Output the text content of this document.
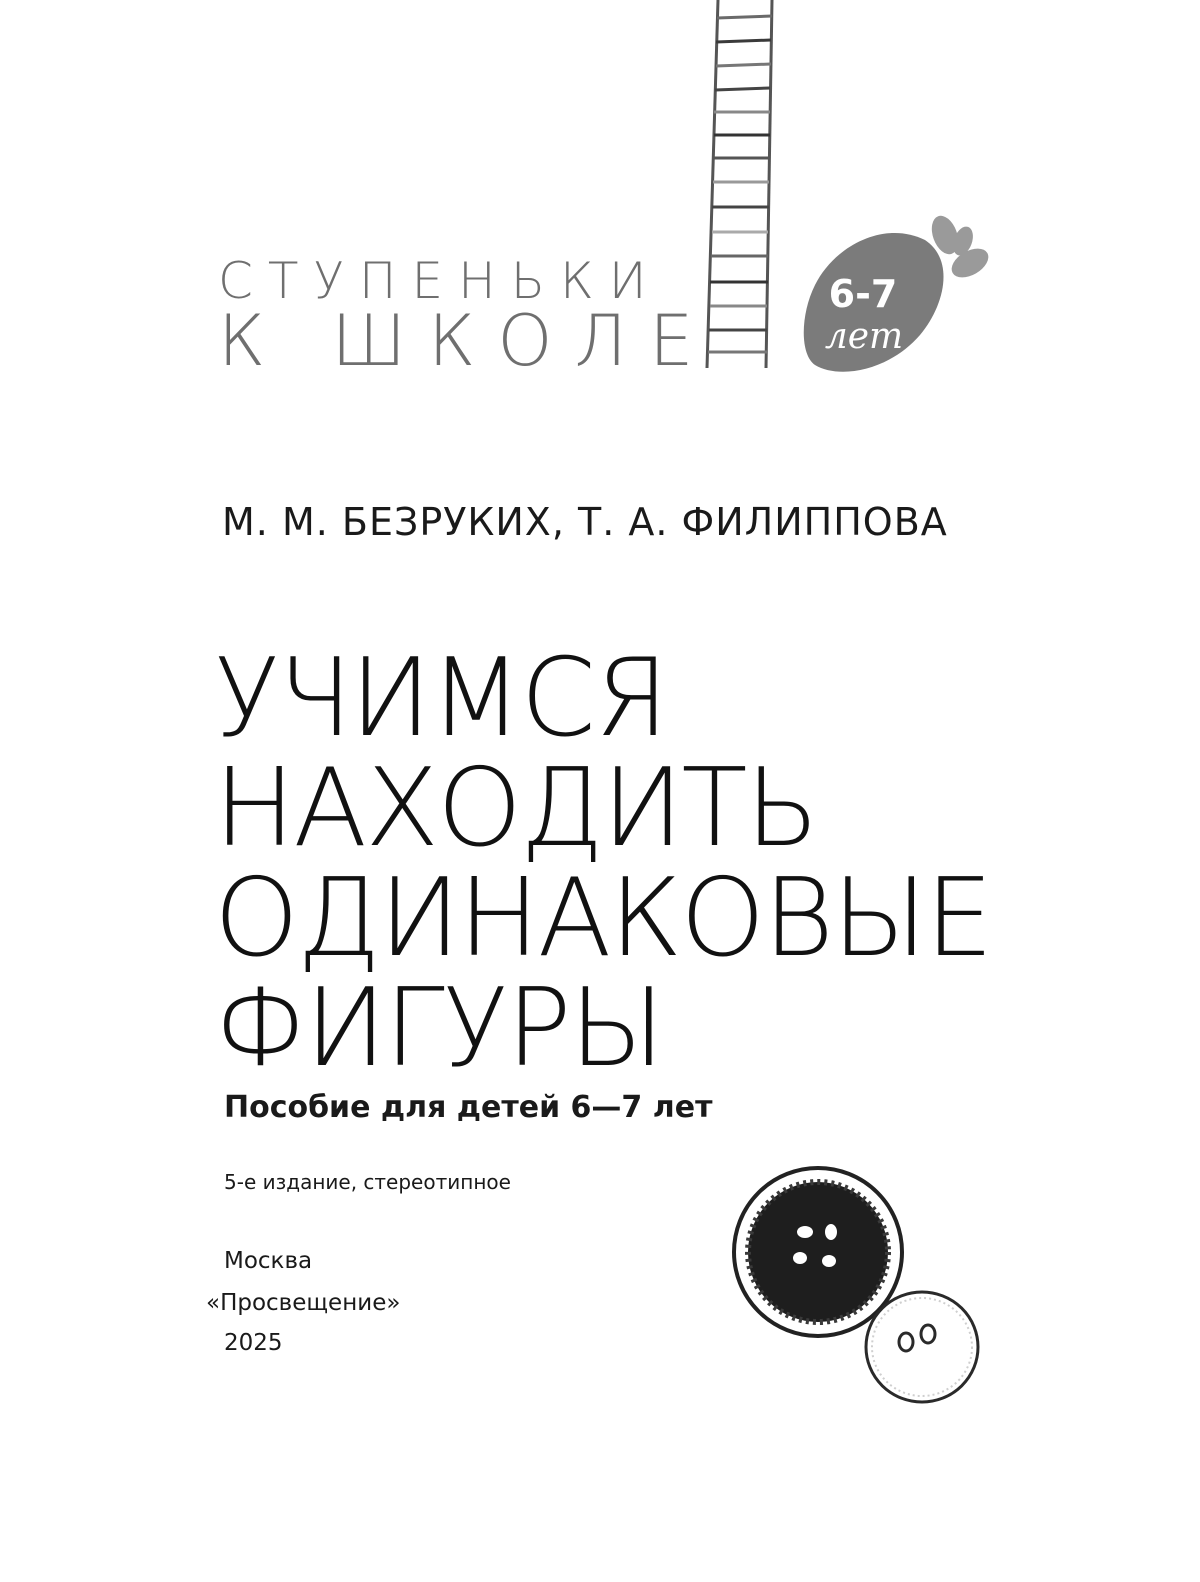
СТУПЕНЬКИ
К ШКОЛЕ
6-7
лет
М. М. БЕЗРУКИХ, Т. А. ФИЛИППОВА
УЧИМСЯ
НАХОДИТЬ
ОДИНАКОВЫЕ
ФИГУРЫ
Пособие для детей 6—7 лет
5-е издание, стереотипное
Москва
«Просвещение»
2025
